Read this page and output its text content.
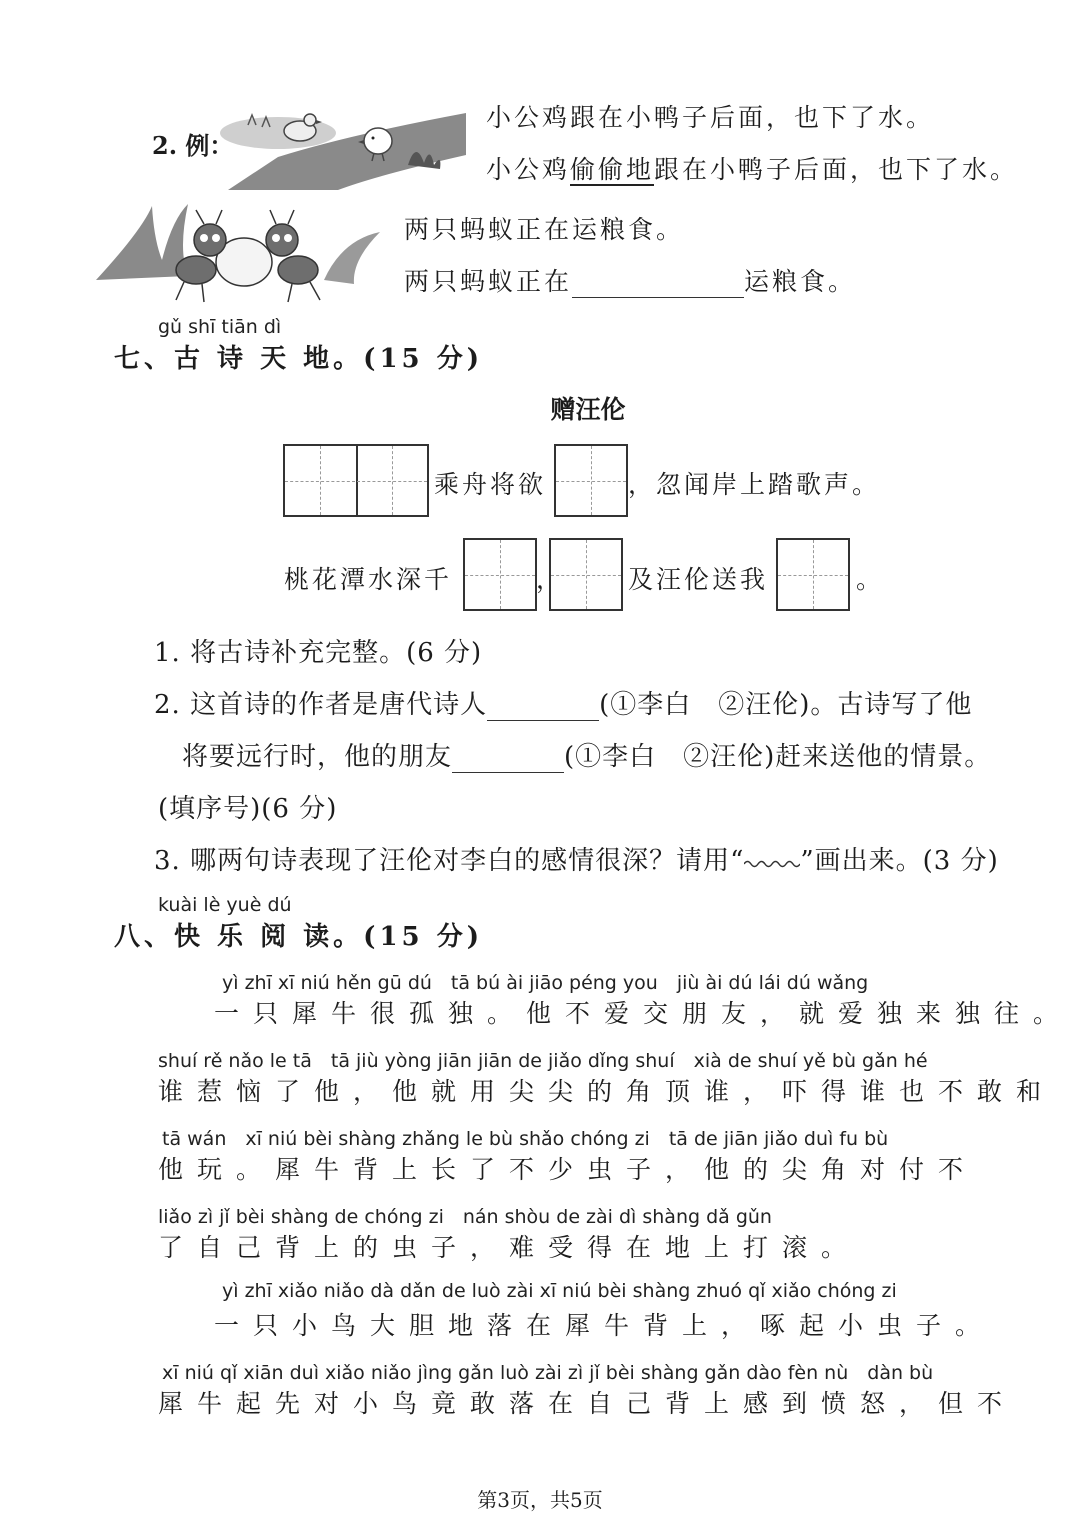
2. 例：
小公鸡跟在小鸭子后面，也下了水。
小公鸡偷偷地跟在小鸭子后面，也下了水。
两只蚂蚁正在运粮食。
两只蚂蚁正在	运粮食。
gǔ shī tiān dì
七、古 诗 天 地。(15 分)
赠汪伦
乘舟将欲	，忽闻岸上踏歌声。
桃花潭水深千	，	及汪伦送我	。
1. 将古诗补充完整。(6 分)
2. 这首诗的作者是唐代诗人	(①李白　②汪伦)。古诗写了他
将要远行时，他的朋友	(①李白　②汪伦)赶来送他的情景。
(填序号)(6 分)
3. 哪两句诗表现了汪伦对李白的感情很深？请用“ ”画出来。(3 分)
kuài lè yuè dú
八、快 乐 阅 读。(15 分)
yì zhī xī niú hěn gū dú　tā bú ài jiāo péng you　jiù ài dú lái dú wǎng
一只犀牛很孤独。他不爱交朋友，就爱独来独往。
shuí rě nǎo le tā　tā jiù yòng jiān jiān de jiǎo dǐng shuí　xià de shuí yě bù gǎn hé
谁惹恼了他，他就用尖尖的角顶谁，吓得谁也不敢和
tā wán　xī niú bèi shàng zhǎng le bù shǎo chóng zi　tā de jiān jiǎo duì fu bù
他玩。犀牛背上长了不少虫子，他的尖角对付不
liǎo zì jǐ bèi shàng de chóng zi　nán shòu de zài dì shàng dǎ gǔn
了自己背上的虫子，难受得在地上打滚。
yì zhī xiǎo niǎo dà dǎn de luò zài xī niú bèi shàng zhuó qǐ xiǎo chóng zi
一只小鸟大胆地落在犀牛背上，啄起小虫子。
xī niú qǐ xiān duì xiǎo niǎo jìng gǎn luò zài zì jǐ bèi shàng gǎn dào fèn nù　dàn bù
犀牛起先对小鸟竟敢落在自己背上感到愤怒，但不
第3页，共5页
